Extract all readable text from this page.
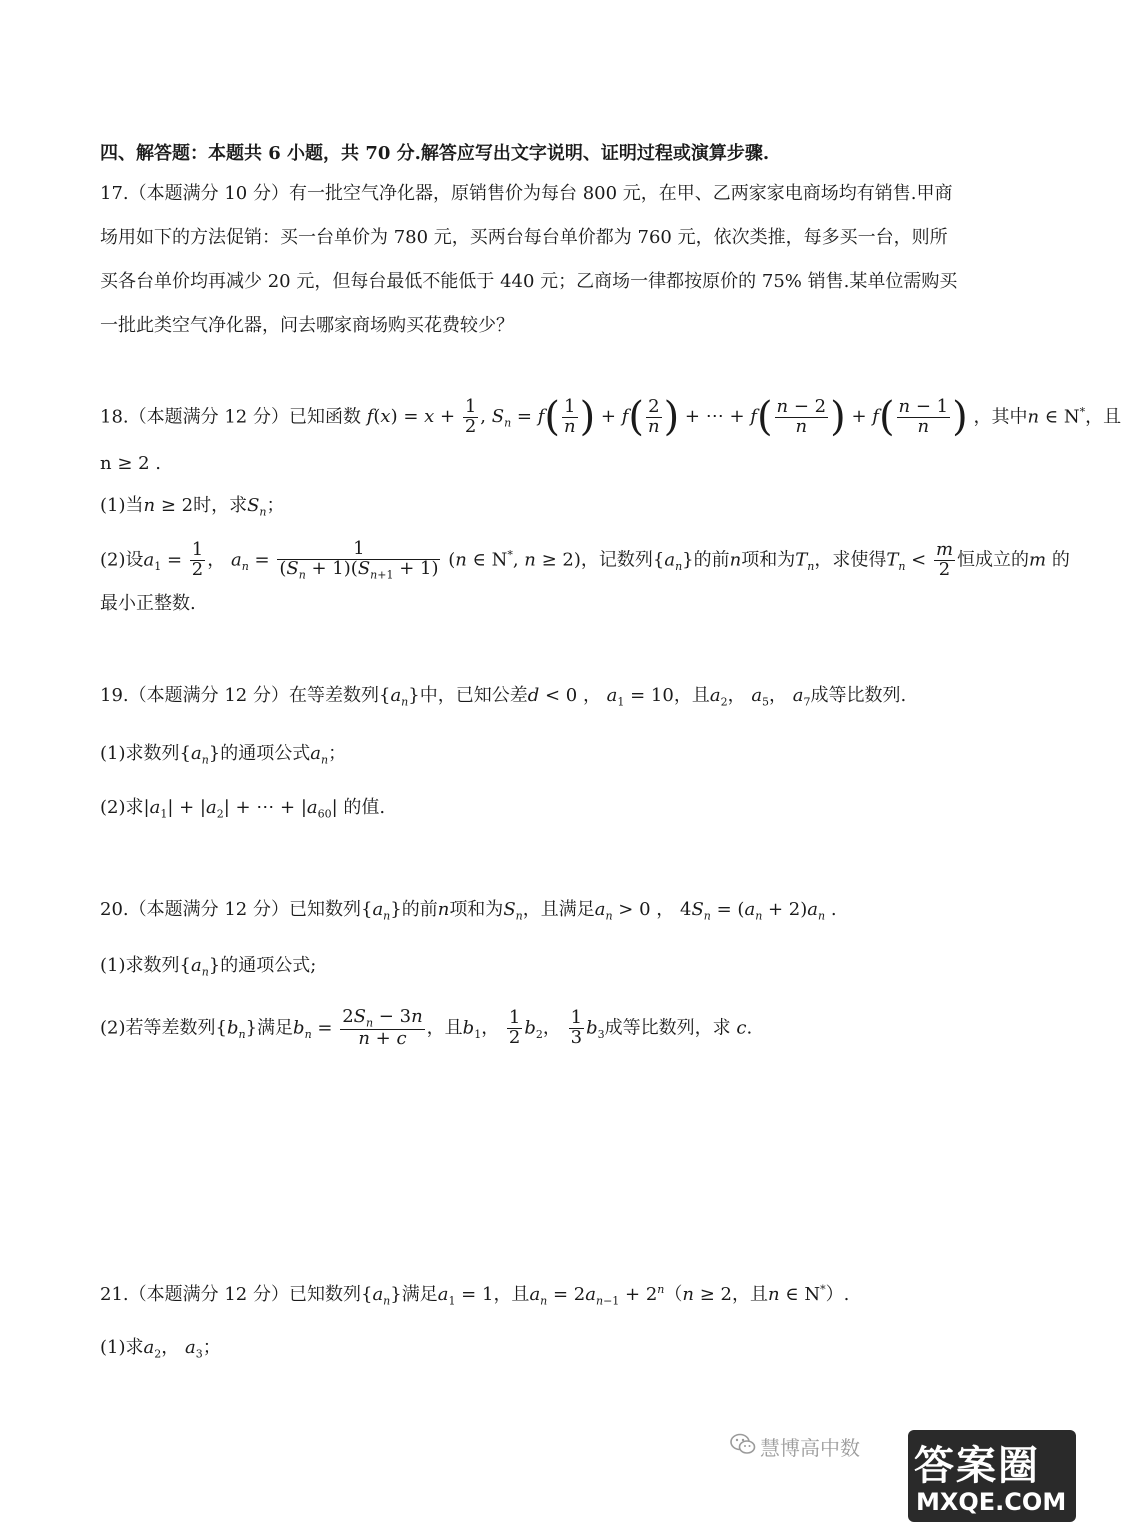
四、解答题：本题共 6 小题，共 70 分.解答应写出文字说明、证明过程或演算步骤.
17.（本题满分 10 分）有一批空气净化器，原销售价为每台 800 元，在甲、乙两家家电商场均有销售.甲商
场用如下的方法促销：买一台单价为 780 元，买两台每台单价都为 760 元，依次类推，每多买一台，则所
买各台单价均再减少 20 元，但每台最低不能低于 440 元；乙商场一律都按原价的 75% 销售.某单位需购买
一批此类空气净化器，问去哪家商场购买花费较少？
18.（本题满分 12 分）已知函数 $f(x) = x + \frac{1}{2}$ , $S_n = f( \frac{1}{n}$ ) + $f( \frac{2}{n}$ ) + ⋯ + $f( \frac{n - 2}{n}$ ) + $f( \frac{n - 1}{n}$ ) ，其中n ∈ N*，且
n ≥ 2 .
(1)当n ≥ 2时，求$S_n$；
(2)设$a_1 = \frac{1}{2}$ ， $a_n = \frac{1}{(S_n + 1)(S_{n+1} + 1)} (n$ ∈ N*, n ≥ 2)，记数列$\{a_n\}$的前n项和为$T_n$，求使得$T_n < \frac{m}{2}$ 恒成立的m 的
最小正整数.
19.（本题满分 12 分）在等差数列$\{a_n\}$中，已知公差d < 0 ， $a_1 = 10$，且$a_2$， $a_5$， $a_7$成等比数列.
(1)求数列$\{a_n\}$的通项公式$a_n$；
(2)求$|a_1| + |a_2|$ + ⋯ + $|a_{60}|$ 的值.
20.（本题满分 12 分）已知数列$\{a_n\}$的前n项和为$S_n$，且满足$a_n > 0$ ， $4S_n = (a_n + 2)a_n$ .
(1)求数列$\{a_n\}$的通项公式;
(2)若等差数列$\{b_n\}$满足$b_n = \frac{2S_n - 3n}{n + c}$ ，且$b_1$， $\frac{1}{2} b_2$， $\frac{1}{3} b_3$成等比数列，求 c.
21.（本题满分 12 分）已知数列$\{a_n\}$满足$a_1 = 1$，且$a_n = 2a_{n-1} + 2^n(n \ge 2$，且n ∈ N*）.
(1)求$a_2$， $a_3$；
慧博高中数 答案圈
MXQE.COM
